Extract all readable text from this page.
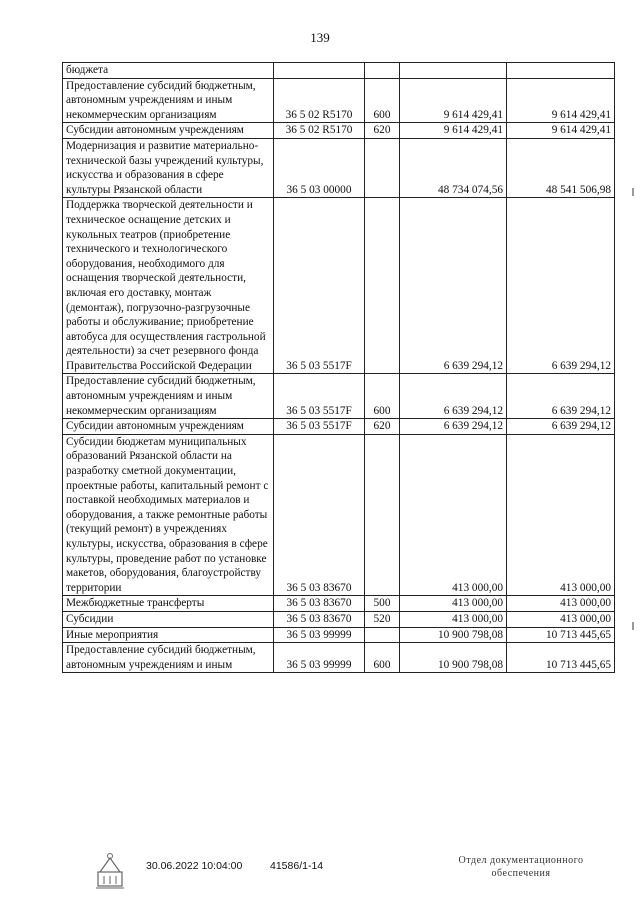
139
бюджета				
Предоставление субсидий бюджетным, автономным учреждениям и иным некоммерческим организациям	36 5 02 R5170	600	9 614 429,41	9 614 429,41
Субсидии автономным учреждениям	36 5 02 R5170	620	9 614 429,41	9 614 429,41
Модернизация и развитие материально-технической базы учреждений культуры, искусства и образования в сфере культуры Рязанской области	36 5 03 00000		48 734 074,56	48 541 506,98
Поддержка творческой деятельности и техническое оснащение детских и кукольных театров (приобретение технического и технологического оборудования, необходимого для оснащения творческой деятельности, включая его доставку, монтаж (демонтаж), погрузочно-разгрузочные работы и обслуживание; приобретение автобуса для осуществления гастрольной деятельности) за счет резервного фонда Правительства Российской Федерации	36 5 03 5517F		6 639 294,12	6 639 294,12
Предоставление субсидий бюджетным, автономным учреждениям и иным некоммерческим организациям	36 5 03 5517F	600	6 639 294,12	6 639 294,12
Субсидии автономным учреждениям	36 5 03 5517F	620	6 639 294,12	6 639 294,12
Субсидии бюджетам муниципальных образований Рязанской области на разработку сметной документации, проектные работы, капитальный ремонт с поставкой необходимых материалов и оборудования, а также ремонтные работы (текущий ремонт) в учреждениях культуры, искусства, образования в сфере культуры, проведение работ по установке макетов, оборудования, благоустройству территории	36 5 03 83670		413 000,00	413 000,00
Межбюджетные трансферты	36 5 03 83670	500	413 000,00	413 000,00
Субсидии	36 5 03 83670	520	413 000,00	413 000,00
Иные мероприятия	36 5 03 99999		10 900 798,08	10 713 445,65
Предоставление субсидий бюджетным, автономным учреждениям и иным	36 5 03 99999	600	10 900 798,08	10 713 445,65
30.06.2022 10:04:00	41586/1-14	Отдел документационного
обеспечения
